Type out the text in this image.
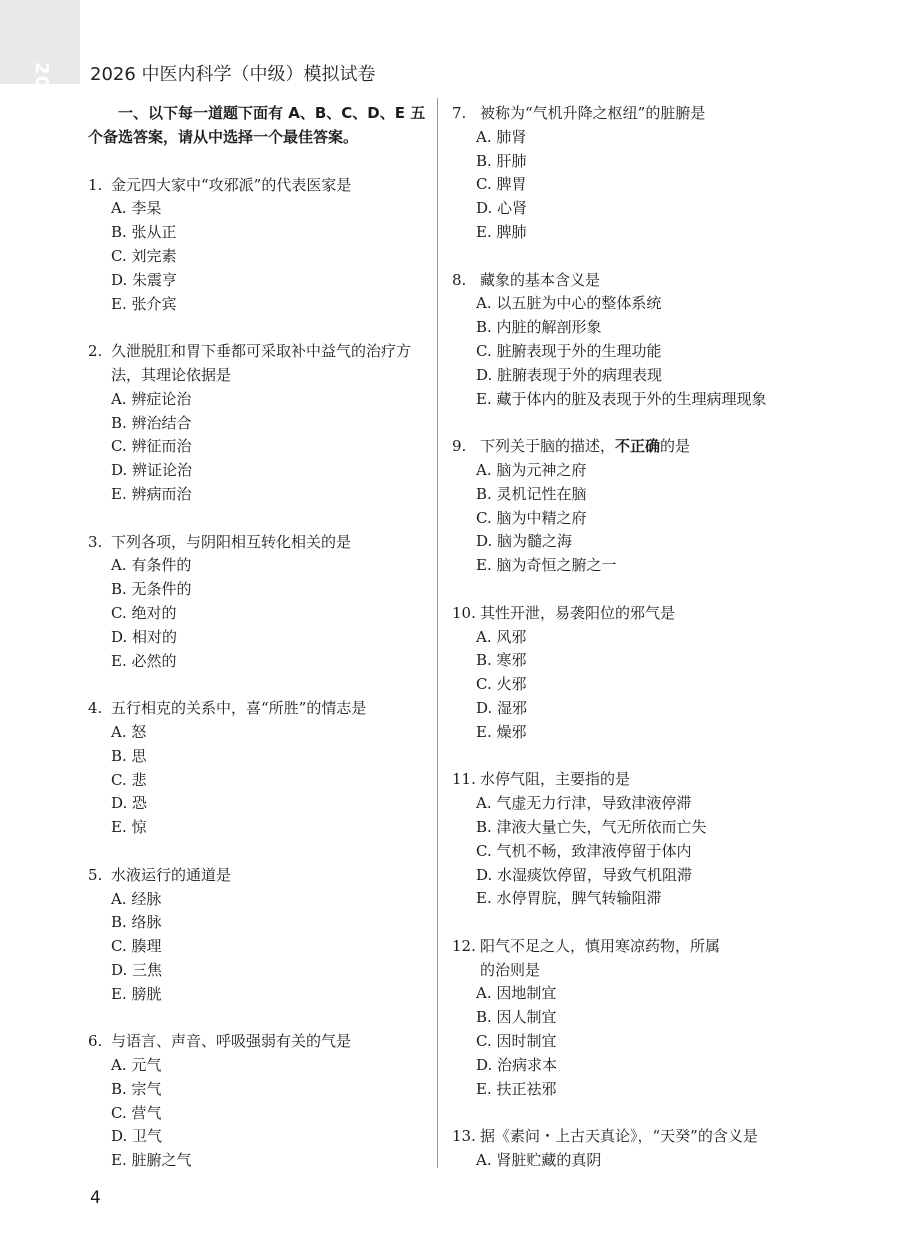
2026 2026 中医内科学（中级）模拟试卷
一、以下每一道题下面有 A、B、C、D、E 五个备选答案，请从中选择一个最佳答案。
1. 金元四大家中“攻邪派”的代表医家是
A. 李杲
B. 张从正
C. 刘完素
D. 朱震亨
E. 张介宾
2. 久泄脱肛和胃下垂都可采取补中益气的治疗方法，其理论依据是
A. 辨症论治
B. 辨治结合
C. 辨征而治
D. 辨证论治
E. 辨病而治
3. 下列各项，与阴阳相互转化相关的是
A. 有条件的
B. 无条件的
C. 绝对的
D. 相对的
E. 必然的
4. 五行相克的关系中，喜“所胜”的情志是
A. 怒
B. 思
C. 悲
D. 恐
E. 惊
5. 水液运行的通道是
A. 经脉
B. 络脉
C. 腠理
D. 三焦
E. 膀胱
6. 与语言、声音、呼吸强弱有关的气是
A. 元气
B. 宗气
C. 营气
D. 卫气
E. 脏腑之气
7. 被称为“气机升降之枢纽”的脏腑是
A. 肺肾
B. 肝肺
C. 脾胃
D. 心肾
E. 脾肺
8. 藏象的基本含义是
A. 以五脏为中心的整体系统
B. 内脏的解剖形象
C. 脏腑表现于外的生理功能
D. 脏腑表现于外的病理表现
E. 藏于体内的脏及表现于外的生理病理现象
9. 下列关于脑的描述，不正确的是
A. 脑为元神之府
B. 灵机记性在脑
C. 脑为中精之府
D. 脑为髓之海
E. 脑为奇恒之腑之一
10. 其性开泄，易袭阳位的邪气是
A. 风邪
B. 寒邪
C. 火邪
D. 湿邪
E. 燥邪
11. 水停气阻，主要指的是
A. 气虚无力行津，导致津液停滞
B. 津液大量亡失，气无所依而亡失
C. 气机不畅，致津液停留于体内
D. 水湿痰饮停留，导致气机阻滞
E. 水停胃脘，脾气转输阻滞
12. 阳气不足之人，慎用寒凉药物，所属
的治则是
A. 因地制宜
B. 因人制宜
C. 因时制宜
D. 治病求本
E. 扶正祛邪
13. 据《素问・上古天真论》，“天癸”的含义是
A. 肾脏贮藏的真阴
4
